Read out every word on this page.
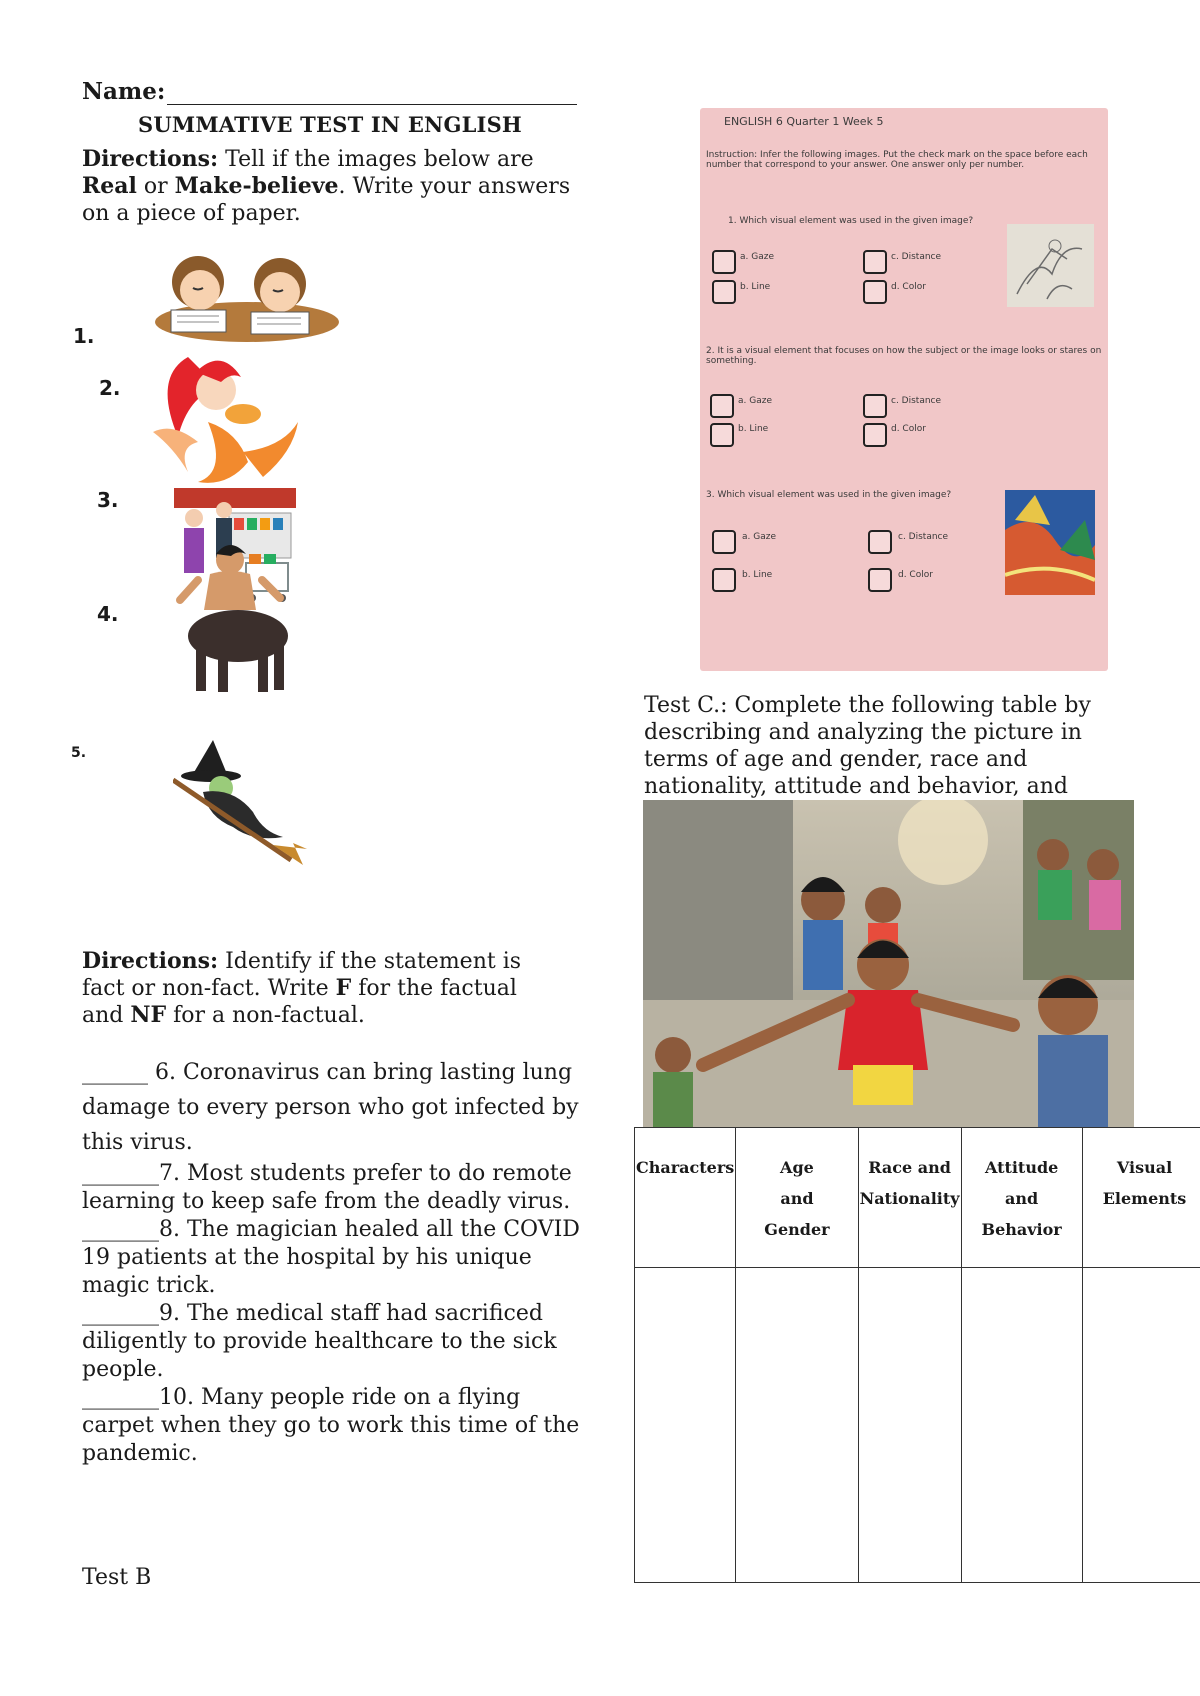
Name:
SUMMATIVE TEST IN ENGLISH
Directions: Tell if the images below are Real or Make-believe. Write your answers on a piece of paper.
1.
2.
3.
4.
5.
Directions: Identify if the statement is fact or non-fact. Write F for the factual and NF for a non-factual.

______ 6. Coronavirus can bring lasting lung damage to every person who got infected by this virus.

_______7. Most students prefer to do remote learning to keep safe from the deadly virus.

_______8. The magician healed all the COVID 19 patients at the hospital by his unique magic trick.

_______9. The medical staff had sacrificed diligently to provide healthcare to the sick people.

_______10. Many people ride on a flying carpet when they go to work this time of the pandemic.

Test B
ENGLISH 6 Quarter 1 Week 5
Instruction: Infer the following images. Put the check mark on the space before each number that correspond to your answer. One answer only per number.
1. Which visual element was used in the given image?
a. Gaze
b. Line
c. Distance
d. Color
2. It is a visual element that focuses on how the subject or the image looks or stares on something.
a. Gaze
b. Line
c. Distance
d. Color
3. Which visual element was used in the given image?
a. Gaze
b. Line
c. Distance
d. Color
Test C.: Complete the following table by describing and analyzing the picture in terms of age and gender, race and nationality, attitude and behavior, and
Characters	Age and Gender	Race and Nationality	Attitude and Behavior	Visual Elements
